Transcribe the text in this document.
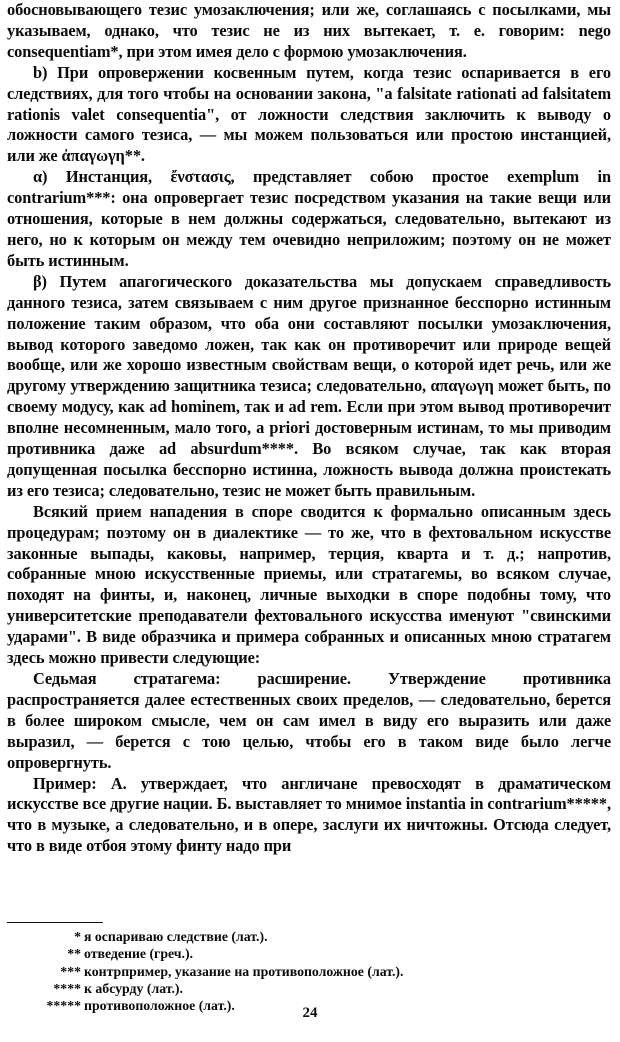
обосновывающего тезис умозаключения; или же, соглашаясь с посылками, мы указываем, однако, что тезис не из них вытекает, т. е. говорим: nego consequentiam*, при этом имея дело с формою умозаключения.

b) При опровержении косвенным путем, когда тезис оспаривается в его следствиях, для того чтобы на основании закона, "a falsitate rationati ad falsitatem rationis valet consequentia", от ложности следствия заключить к выводу о ложности самого тезиса, — мы можем пользоваться или простою инстанцией, или же ἀπαγωγη**.

α) Инстанция, ἔνστασις, представляет собою простое exemplum in contrarium***: она опровергает тезис посредством указания на такие вещи или отношения, которые в нем должны содержаться, следовательно, вытекают из него, но к которым он между тем очевидно неприложим; поэтому он не может быть истинным.

β) Путем апагогического доказательства мы допускаем справедливость данного тезиса, затем связываем с ним другое признанное бесспорно истинным положение таким образом, что оба они составляют посылки умозаключения, вывод которого заведомо ложен, так как он противоречит или природе вещей вообще, или же хорошо известным свойствам вещи, о которой идет речь, или же другому утверждению защитника тезиса; следовательно, απαγωγη может быть, по своему модусу, как ad hominem, так и ad rem. Если при этом вывод противоречит вполне несомненным, мало того, a priori достоверным истинам, то мы приводим противника даже ad absurdum****. Во всяком случае, так как вторая допущенная посылка бесспорно истинна, ложность вывода должна проистекать из его тезиса; следовательно, тезис не может быть правильным.

Всякий прием нападения в споре сводится к формально описанным здесь процедурам; поэтому он в диалектике — то же, что в фехтовальном искусстве законные выпады, каковы, например, терция, кварта и т. д.; напротив, собранные мною искусственные приемы, или стратагемы, во всяком случае, походят на финты, и, наконец, личные выходки в споре подобны тому, что университетские преподаватели фехтовального искусства именуют "свинскими ударами". В виде образчика и примера собранных и описанных мною стратагем здесь можно привести следующие:

Седьмая стратагема: расширение. Утверждение противника распространяется далее естественных своих пределов, — следовательно, берется в более широком смысле, чем он сам имел в виду его выразить или даже выразил, — берется с тою целью, чтобы его в таком виде было легче опровергнуть.

Пример: А. утверждает, что англичане превосходят в драматическом искусстве все другие нации. Б. выставляет то мнимое instantia in contrarium*****, что в музыке, а следовательно, и в опере, заслуги их ничтожны. Отсюда следует, что в виде отбоя этому финту надо при

* я оспариваю следствие (лат.).
** отведение (греч.).
*** контрпример, указание на противоположное (лат.).
**** к абсурду (лат.).
***** противоположное (лат.).	24
